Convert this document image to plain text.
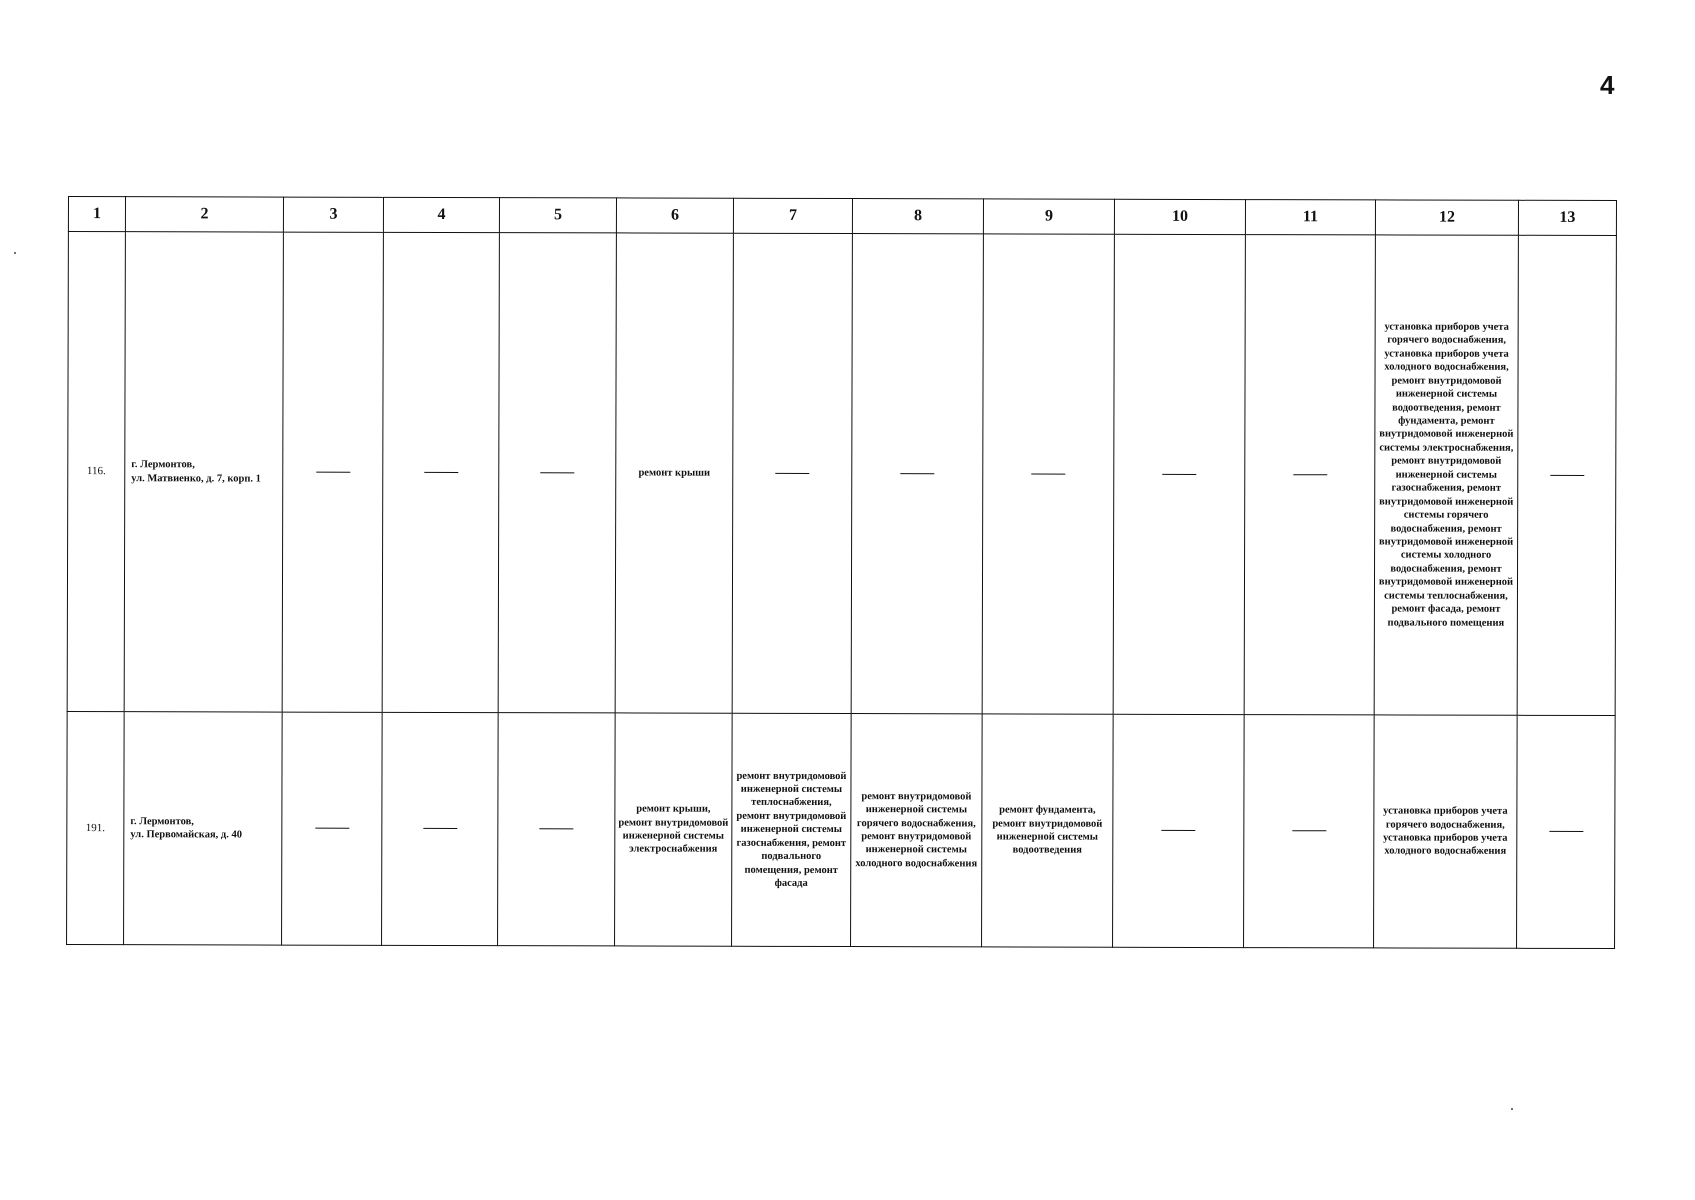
4
1	2	3	4	5	6	7	8	9	10	11	12	13
116.	г. Лермонтов,
ул. Матвиенко, д. 7, корп. 1				ремонт крыши						установка приборов учета горячего водоснабжения, установка приборов учета холодного водоснабжения, ремонт внутридомовой инженерной системы водоотведения, ремонт фундамента, ремонт внутридомовой инженерной системы электроснабжения, ремонт внутридомовой инженерной системы газоснабжения, ремонт внутридомовой инженерной системы горячего водоснабжения, ремонт внутридомовой инженерной системы холодного водоснабжения, ремонт внутридомовой инженерной системы теплоснабжения, ремонт фасада, ремонт подвального помещения	
191.	г. Лермонтов,
ул. Первомайская, д. 40				ремонт крыши, ремонт внутридомовой инженерной системы электроснабжения	ремонт внутридомовой инженерной системы теплоснабжения, ремонт внутридомовой инженерной системы газоснабжения, ремонт подвального помещения, ремонт фасада	ремонт внутридомовой инженерной системы горячего водоснабжения, ремонт внутридомовой инженерной системы холодного водоснабжения	ремонт фундамента, ремонт внутридомовой инженерной системы водоотведения			установка приборов учета горячего водоснабжения, установка приборов учета холодного водоснабжения	
